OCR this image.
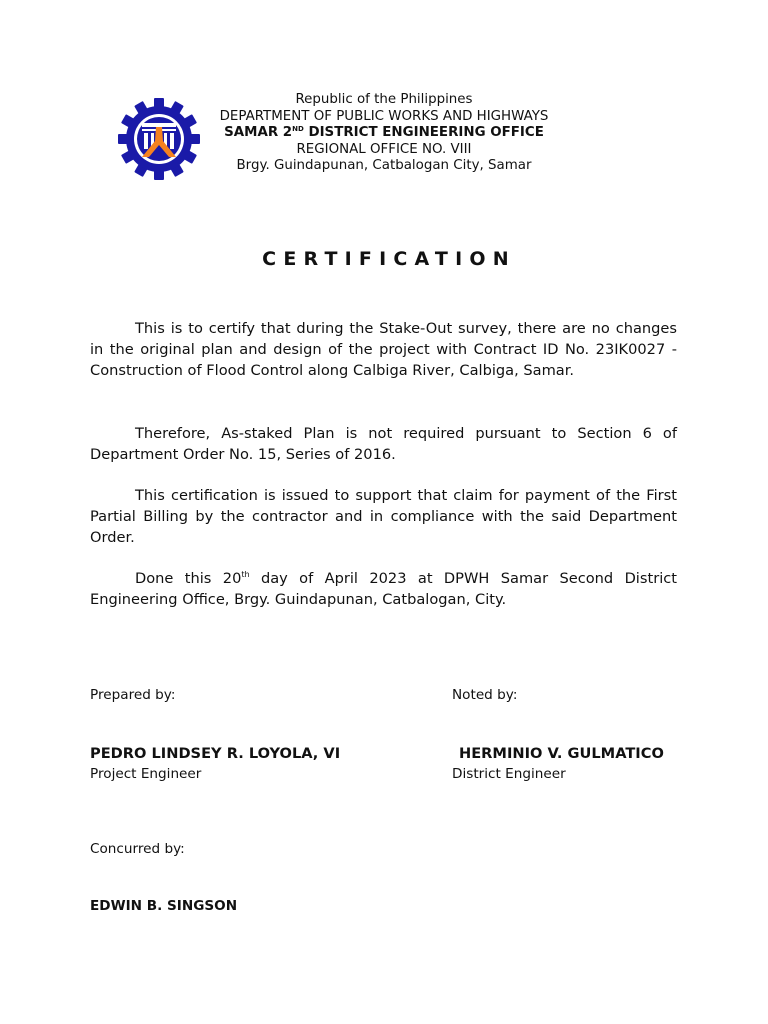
Republic of the Philippines
DEPARTMENT OF PUBLIC WORKS AND HIGHWAYS
SAMAR 2ND DISTRICT ENGINEERING OFFICE
REGIONAL OFFICE NO. VIII
Brgy. Guindapunan, Catbalogan City, Samar
CERTIFICATION

This is to certify that during the Stake-Out survey, there are no changes in the original plan and design of the project with Contract ID No. 23IK0027 - Construction of Flood Control along Calbiga River, Calbiga, Samar.

Therefore, As-staked Plan is not required pursuant to Section 6 of Department Order No. 15, Series of 2016.

This certification is issued to support that claim for payment of the First Partial Billing by the contractor and in compliance with the said Department Order.

Done this 20th day of April 2023 at DPWH Samar Second District Engineering Office, Brgy. Guindapunan, Catbalogan, City.

Prepared by:	Noted by:
PEDRO LINDSEY R. LOYOLA, VI
Project Engineer
HERMINIO V. GULMATICO
District Engineer
Concurred by:
EDWIN B. SINGSON
